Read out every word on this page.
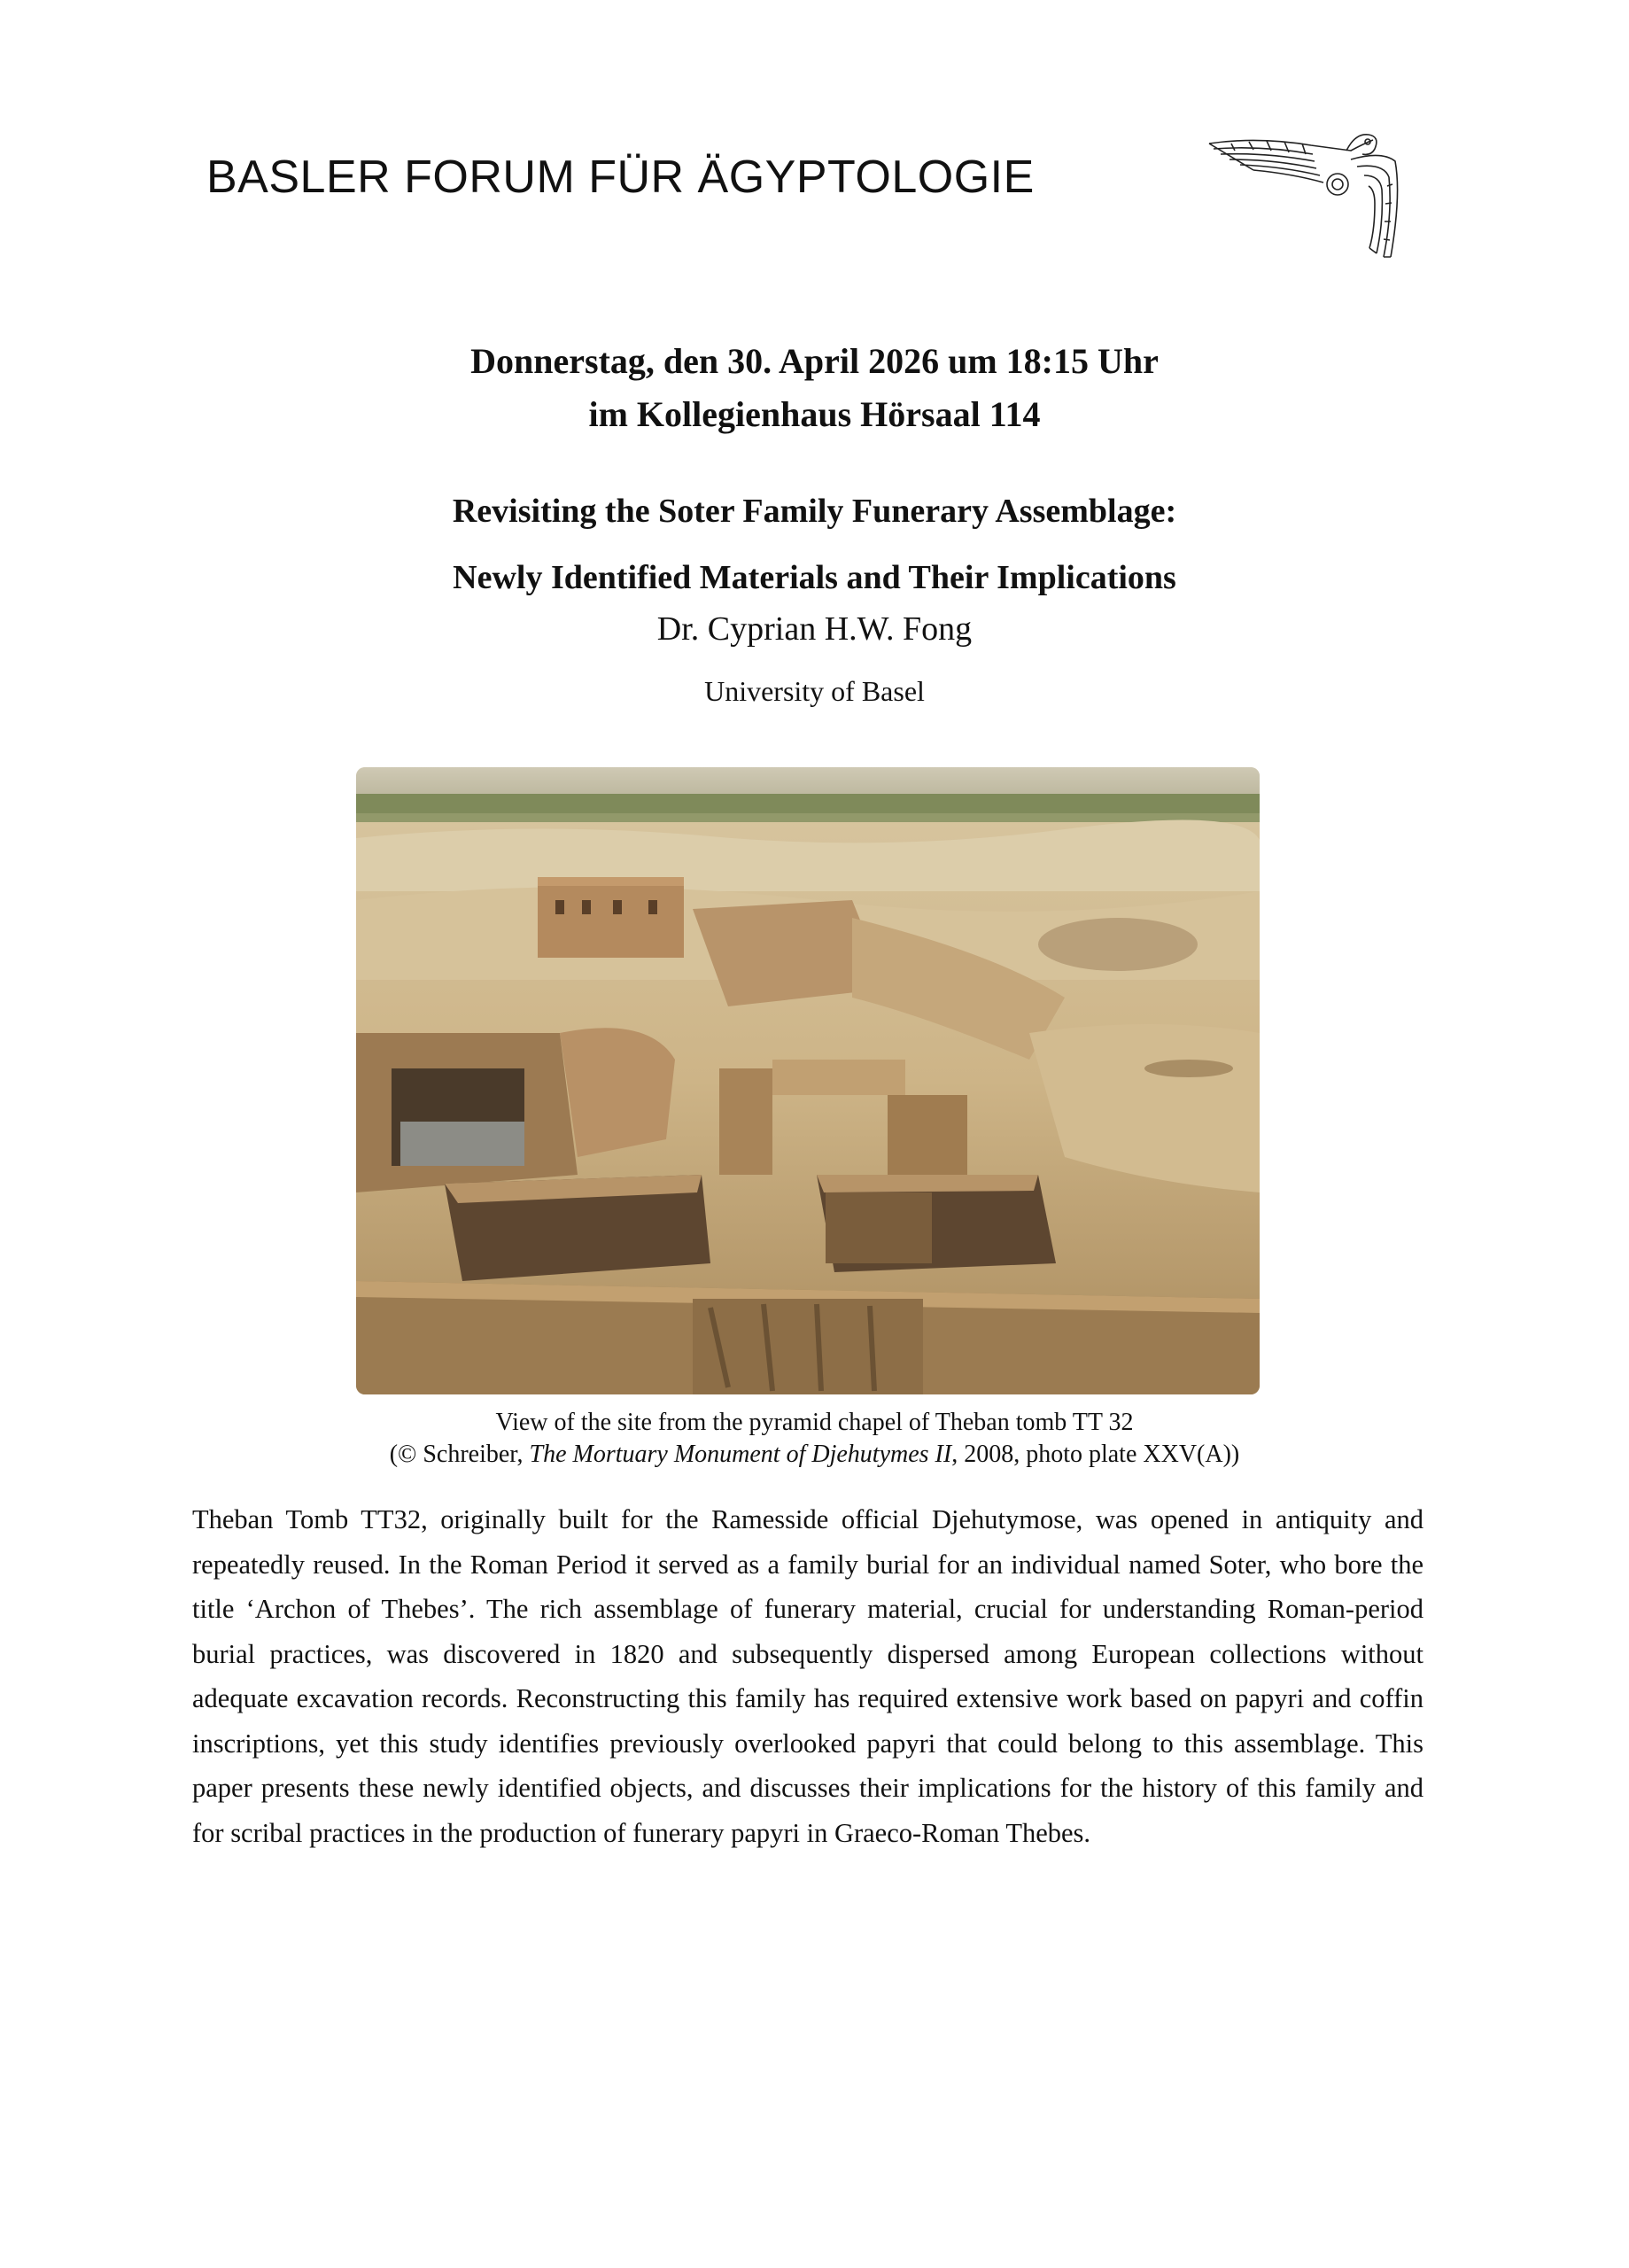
BASLER FORUM FÜR ÄGYPTOLOGIE
Donnerstag, den 30. April 2026 um 18:15 Uhr
im Kollegienhaus Hörsaal 114
Revisiting the Soter Family Funerary Assemblage:
Newly Identified Materials and Their Implications
Dr. Cyprian H.W. Fong
University of Basel
View of the site from the pyramid chapel of Theban tomb TT 32
(© Schreiber, The Mortuary Monument of Djehutymes II, 2008, photo plate XXV(A))
Theban Tomb TT32, originally built for the Ramesside official Djehutymose, was opened in antiquity and repeatedly reused. In the Roman Period it served as a family burial for an individual named Soter, who bore the title ‘Archon of Thebes’. The rich assemblage of funerary material, crucial for understanding Roman-period burial practices, was discovered in 1820 and subsequently dispersed among European collections without adequate excavation records. Reconstructing this family has required extensive work based on papyri and coffin inscriptions, yet this study identifies previously overlooked papyri that could belong to this assemblage. This paper presents these newly identified objects, and discusses their implications for the history of this family and for scribal practices in the production of funerary papyri in Graeco-Roman Thebes.
